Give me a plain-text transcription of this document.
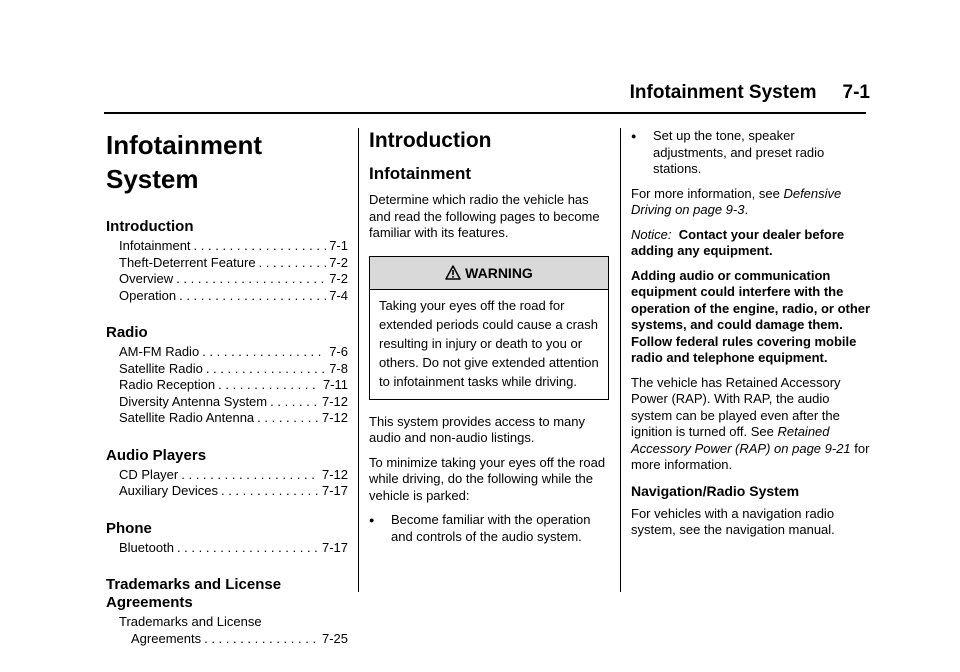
Infotainment System 7-1
Infotainment System
Introduction
Infotainment . . .	7-1
Theft-Deterrent Feature . . .	7-2
Overview . . .	7-2
Operation . . .	7-4
Radio
AM-FM Radio . . .	7-6
Satellite Radio . . .	7-8
Radio Reception . . .	7-11
Diversity Antenna System . . .	7-12
Satellite Radio Antenna . . .	7-12
Audio Players
CD Player . . .	7-12
Auxiliary Devices . . .	7-17
Phone
Bluetooth . . .	7-17
Trademarks and License Agreements
Trademarks and License
Agreements . . .	7-25
Introduction
Infotainment

Determine which radio the vehicle has and read the following pages to become familiar with its features.

WARNING
Taking your eyes off the road for extended periods could cause a crash resulting in injury or death to you or others. Do not give extended attention to infotainment tasks while driving.

This system provides access to many audio and non-audio listings.

To minimize taking your eyes off the road while driving, do the following while the vehicle is parked:

●	Become familiar with the operation and controls of the audio system.
●	Set up the tone, speaker adjustments, and preset radio stations.

For more information, see Defensive Driving on page 9-3.

Notice: Contact your dealer before adding any equipment.

Adding audio or communication equipment could interfere with the operation of the engine, radio, or other systems, and could damage them. Follow federal rules covering mobile radio and telephone equipment.

The vehicle has Retained Accessory Power (RAP). With RAP, the audio system can be played even after the ignition is turned off. See Retained Accessory Power (RAP) on page 9-21 for more information.

Navigation/Radio System

For vehicles with a navigation radio system, see the navigation manual.
